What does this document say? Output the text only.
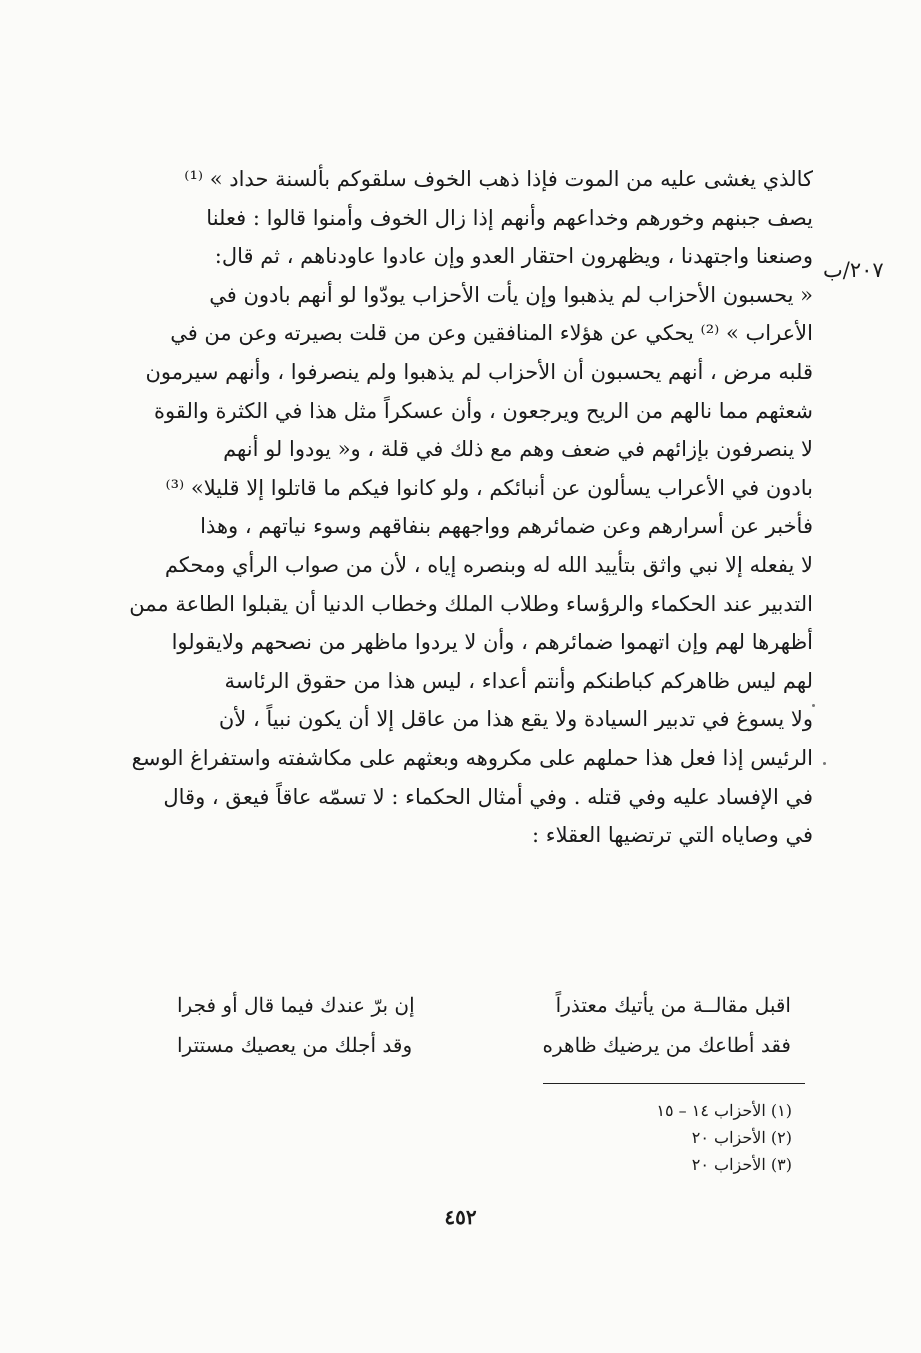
٢٠٧/ب
كالذي يغشى عليه من الموت فإذا ذهب الخوف سلقوكم بألسنة حداد » ⁽¹⁾
يصف جبنهم وخورهم وخداعهم وأنهم إذا زال الخوف وأمنوا قالوا : فعلنا
وصنعنا واجتهدنا ، ويظهرون احتقار العدو وإن عادوا عاودناهم ، ثم قال:
« يحسبون الأحزاب لم يذهبوا وإن يأت الأحزاب يودّوا لو أنهم بادون في
الأعراب » ⁽²⁾ يحكي عن هؤلاء المنافقين وعن من قلت بصيرته وعن من في
قلبه مرض ، أنهم يحسبون أن الأحزاب لم يذهبوا ولم ينصرفوا ، وأنهم سيرمون
شعثهم مما نالهم من الريح ويرجعون ، وأن عسكراً مثل هذا في الكثرة والقوة
لا ينصرفون بإزائهم في ضعف وهم مع ذلك في قلة ، و« يودوا لو أنهم
بادون في الأعراب يسألون عن أنبائكم ، ولو كانوا فيكم ما قاتلوا إلا قليلا» ⁽³⁾
فأخبر عن أسرارهم وعن ضمائرهم وواجههم بنفاقهم وسوء نياتهم ، وهذا
لا يفعله إلا نبي واثق بتأييد الله له وبنصره إياه ، لأن من صواب الرأي ومحكم
التدبير عند الحكماء والرؤساء وطلاب الملك وخطاب الدنيا أن يقبلوا الطاعة ممن
أظهرها لهم وإن اتهموا ضمائرهم ، وأن لا يردوا ماظهر من نصحهم ولايقولوا
لهم ليس ظاهركم كباطنكم وأنتم أعداء ، ليس هذا من حقوق الرئاسة
ولا يسوغ في تدبير السيادة ولا يقع هذا من عاقل إلا أن يكون نبياً ، لأن
الرئيس إذا فعل هذا حملهم على مكروهه وبعثهم على مكاشفته واستفراغ الوسع
في الإفساد عليه وفي قتله . وفي أمثال الحكماء : لا تسمّه عاقاً فيعق ، وقال
في وصاياه التي ترتضيها العقلاء :
اقبل مقالــة من يأتيك معتذراً
إن برّ عندك فيما قال أو فجرا
فقد أطاعك من يرضيك ظاهره
وقد أجلك من يعصيك مستترا
(١) الأحزاب ١٤ – ١٥
(٢) الأحزاب ٢٠
(٣) الأحزاب ٢٠
٤٥٢
